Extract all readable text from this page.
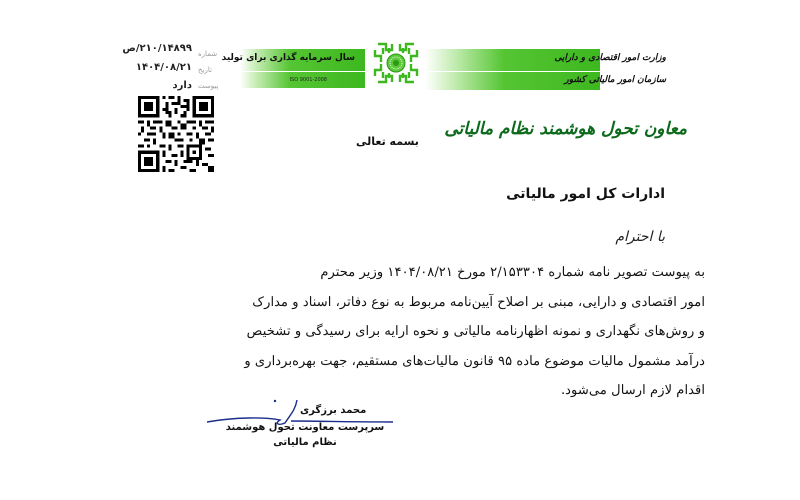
۲۱۰/۱۴۸۹۹/ص
۱۴۰۴/۰۸/۲۱
دارد
شماره
تاریخ
پیوست
سال سرمایه گذاری برای تولید
ISO 9001-2008
وزارت امور اقتصادی و دارایی
سازمان امور مالیاتی کشور
معاون تحول هوشمند نظام مالیاتی
بسمه تعالی
ادارات کل امور مالیاتی
با احترام

به پیوست تصویر نامه شماره ۲/۱۵۳۳۰۴ مورخ ۱۴۰۴/۰۸/۲۱ وزیر محترم

امور اقتصادی و دارایی، مبنی بر اصلاح آیین‌نامه مربوط به نوع دفاتر، اسناد و مدارک

و روش‌های نگهداری و نمونه اظهارنامه مالیاتی و نحوه ارایه برای رسیدگی و تشخیص

درآمد مشمول مالیات موضوع ماده ۹۵ قانون مالیات‌های مستقیم، جهت بهره‌برداری و

اقدام لازم ارسال می‌شود.

محمد برزگری
سرپرست معاونت تحول هوشمند
نظام مالیاتی
